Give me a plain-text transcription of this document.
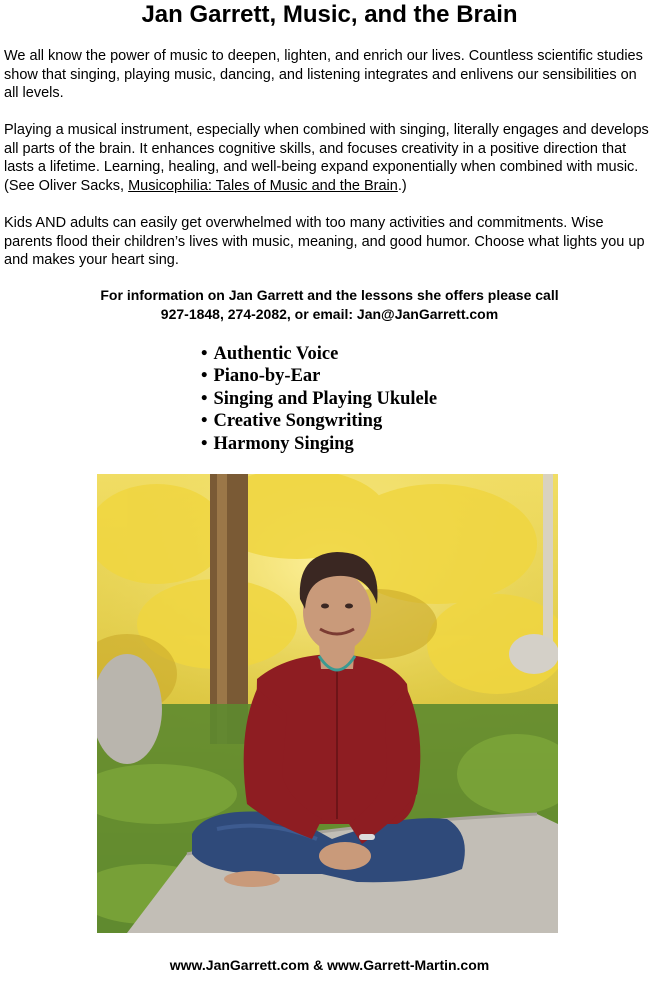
Jan Garrett, Music, and the Brain

We all know the power of music to deepen, lighten, and enrich our lives. Countless scientific studies show that singing, playing music, dancing, and listening integrates and enlivens our sensibilities on all levels.

Playing a musical instrument, especially when combined with singing, literally engages and develops all parts of the brain. It enhances cognitive skills, and focuses creativity in a positive direction that lasts a lifetime. Learning, healing, and well-being expand exponentially when combined with music. (See Oliver Sacks, Musicophilia: Tales of Music and the Brain.)

Kids AND adults can easily get overwhelmed with too many activities and commitments. Wise parents flood their children’s lives with music, meaning, and good humor. Choose what lights you up and makes your heart sing.

For information on Jan Garrett and the lessons she offers please call
927-1848, 274-2082, or email: Jan@JanGarrett.com
• Authentic Voice
• Piano-by-Ear
• Singing and Playing Ukulele
• Creative Songwriting
• Harmony Singing
www.JanGarrett.com & www.Garrett-Martin.com
